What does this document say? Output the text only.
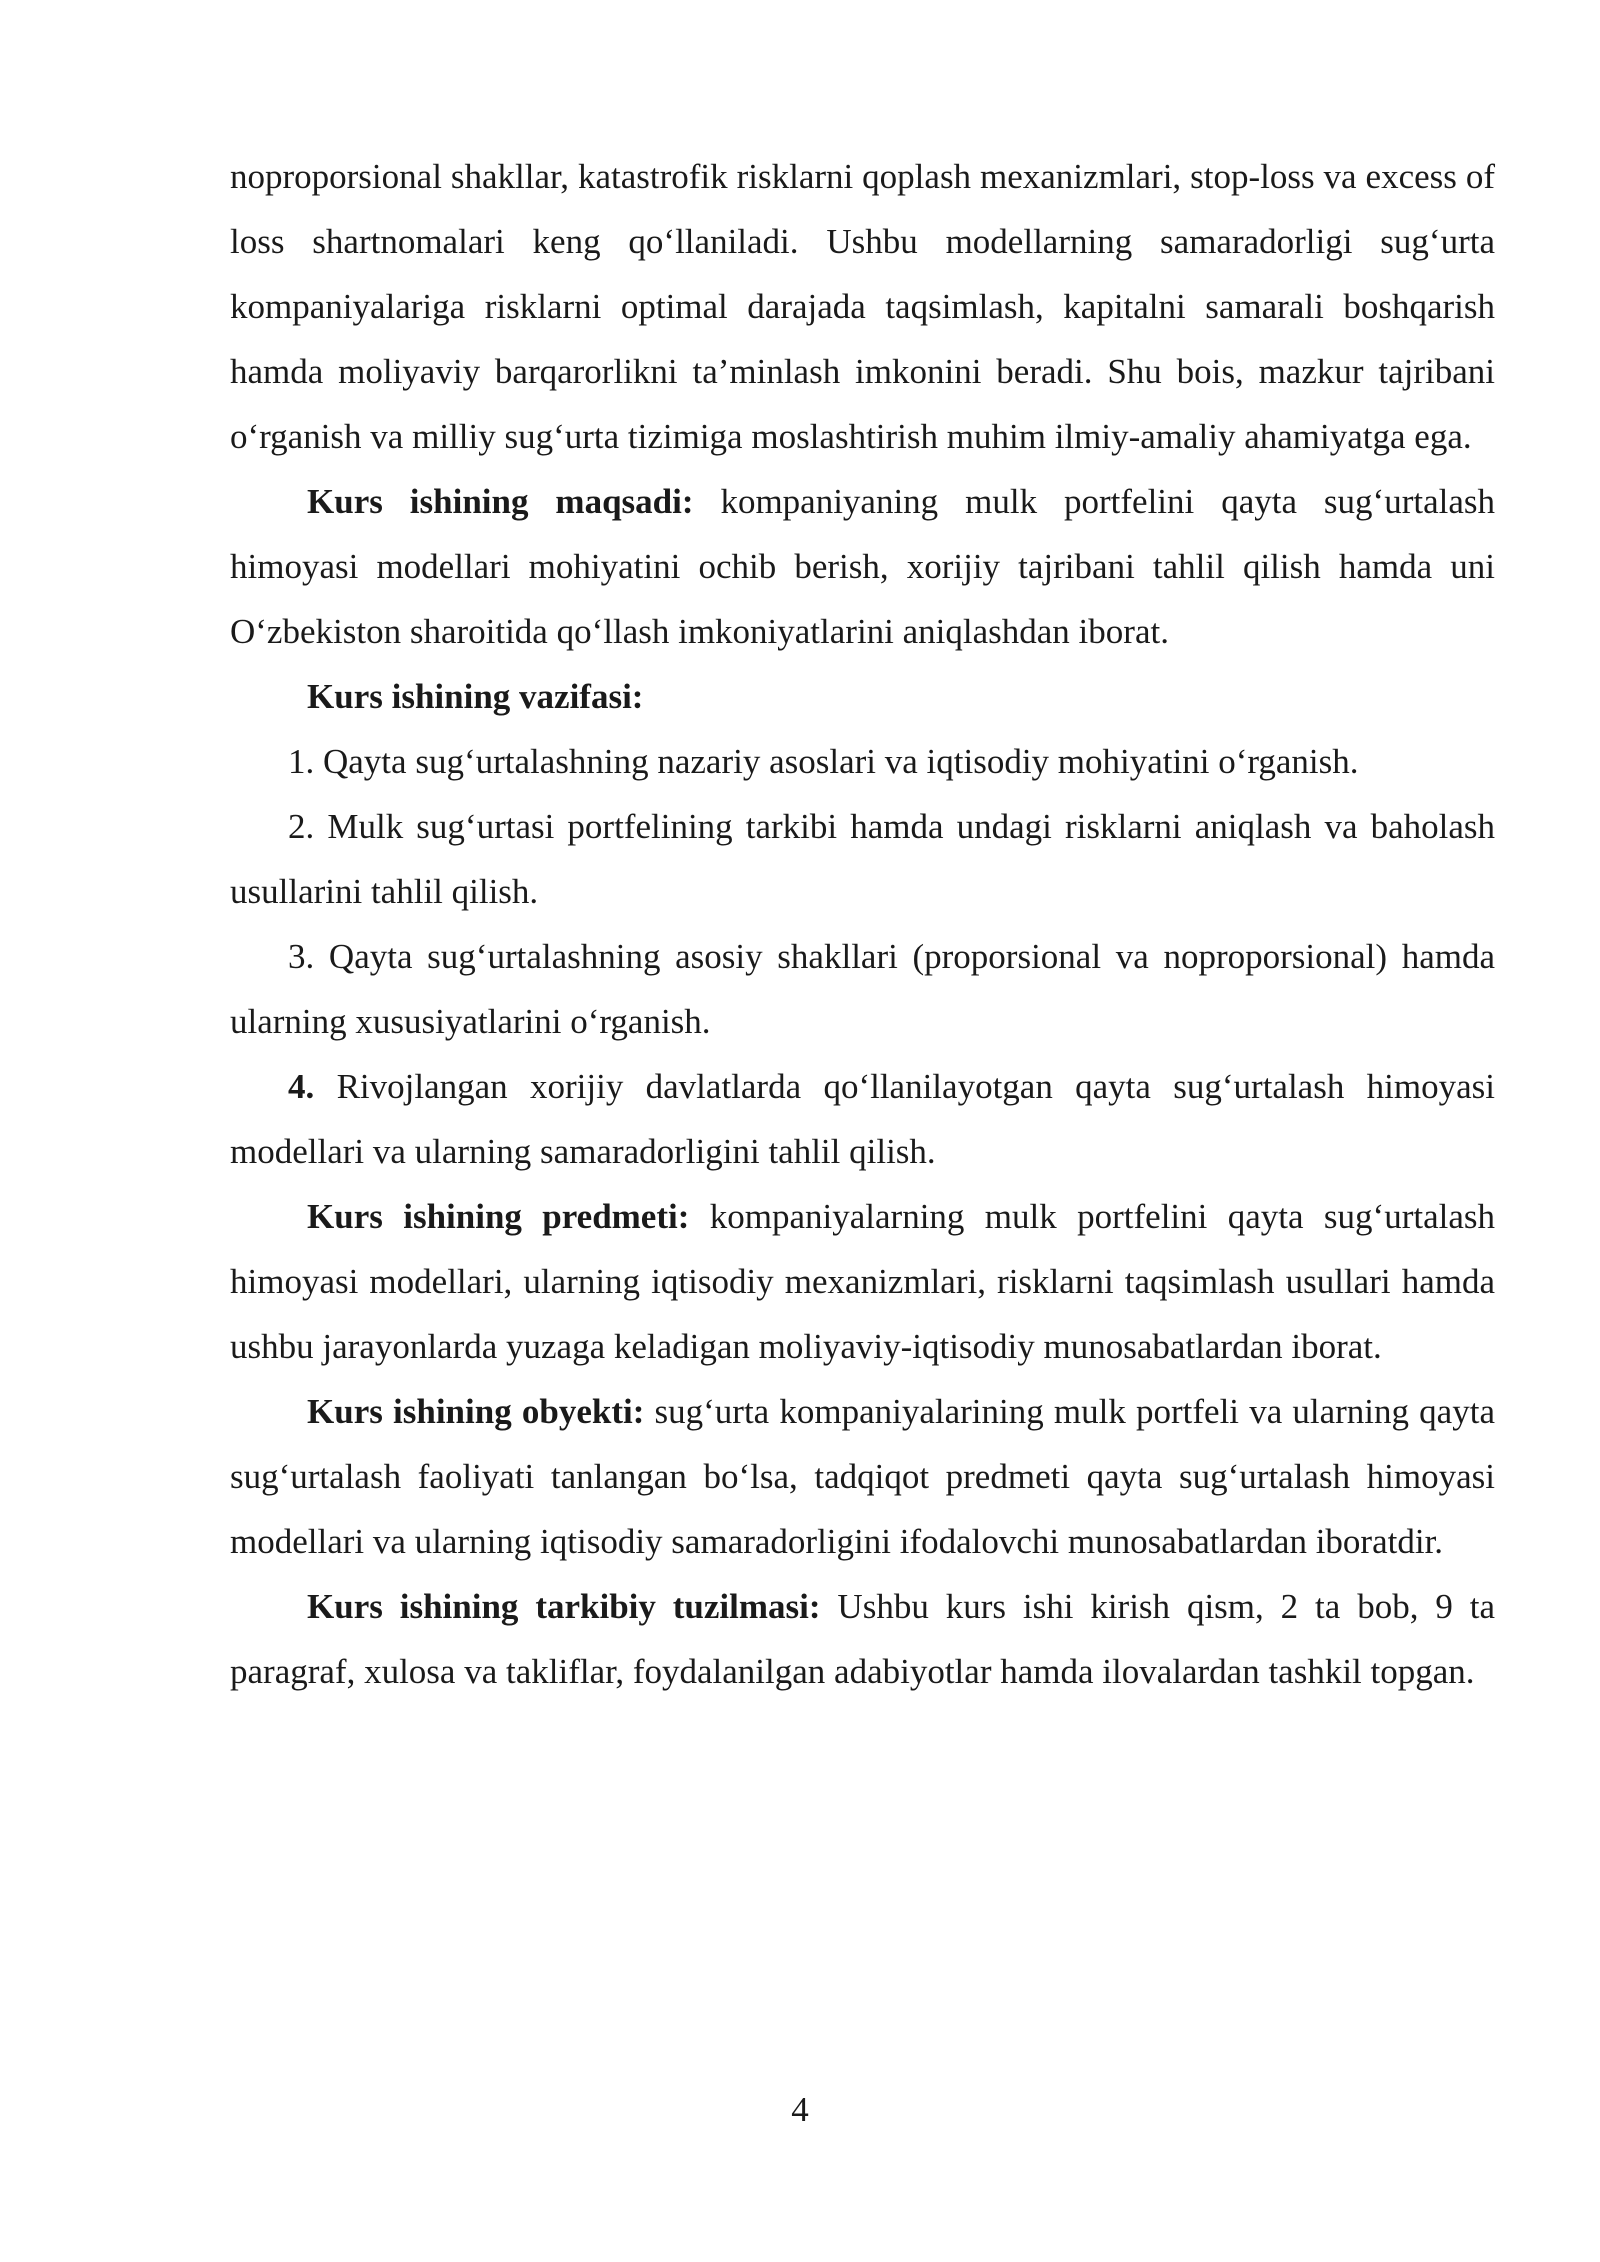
noproporsional shakllar, katastrofik risklarni qoplash mexanizmlari, stop-loss va excess of loss shartnomalari keng qo‘llaniladi. Ushbu modellarning samaradorligi sug‘urta kompaniyalariga risklarni optimal darajada taqsimlash, kapitalni samarali boshqarish hamda moliyaviy barqarorlikni ta’minlash imkonini beradi. Shu bois, mazkur tajribani o‘rganish va milliy sug‘urta tizimiga moslashtirish muhim ilmiy-amaliy ahamiyatga ega.

Kurs ishining maqsadi: kompaniyaning mulk portfelini qayta sug‘urtalash himoyasi modellari mohiyatini ochib berish, xorijiy tajribani tahlil qilish hamda uni O‘zbekiston sharoitida qo‘llash imkoniyatlarini aniqlashdan iborat.

Kurs ishining vazifasi:

1. Qayta sug‘urtalashning nazariy asoslari va iqtisodiy mohiyatini o‘rganish.

2. Mulk sug‘urtasi portfelining tarkibi hamda undagi risklarni aniqlash va baholash usullarini tahlil qilish.

3. Qayta sug‘urtalashning asosiy shakllari (proporsional va noproporsional) hamda ularning xususiyatlarini o‘rganish.

4. Rivojlangan xorijiy davlatlarda qo‘llanilayotgan qayta sug‘urtalash himoyasi modellari va ularning samaradorligini tahlil qilish.

Kurs ishining predmeti: kompaniyalarning mulk portfelini qayta sug‘urtalash himoyasi modellari, ularning iqtisodiy mexanizmlari, risklarni taqsimlash usullari hamda ushbu jarayonlarda yuzaga keladigan moliyaviy-iqtisodiy munosabatlardan iborat.

Kurs ishining obyekti: sug‘urta kompaniyalarining mulk portfeli va ularning qayta sug‘urtalash faoliyati tanlangan bo‘lsa, tadqiqot predmeti qayta sug‘urtalash himoyasi modellari va ularning iqtisodiy samaradorligini ifodalovchi munosabatlardan iboratdir.

Kurs ishining tarkibiy tuzilmasi: Ushbu kurs ishi kirish qism, 2 ta bob, 9 ta paragraf, xulosa va takliflar, foydalanilgan adabiyotlar hamda ilovalardan tashkil topgan.

4
